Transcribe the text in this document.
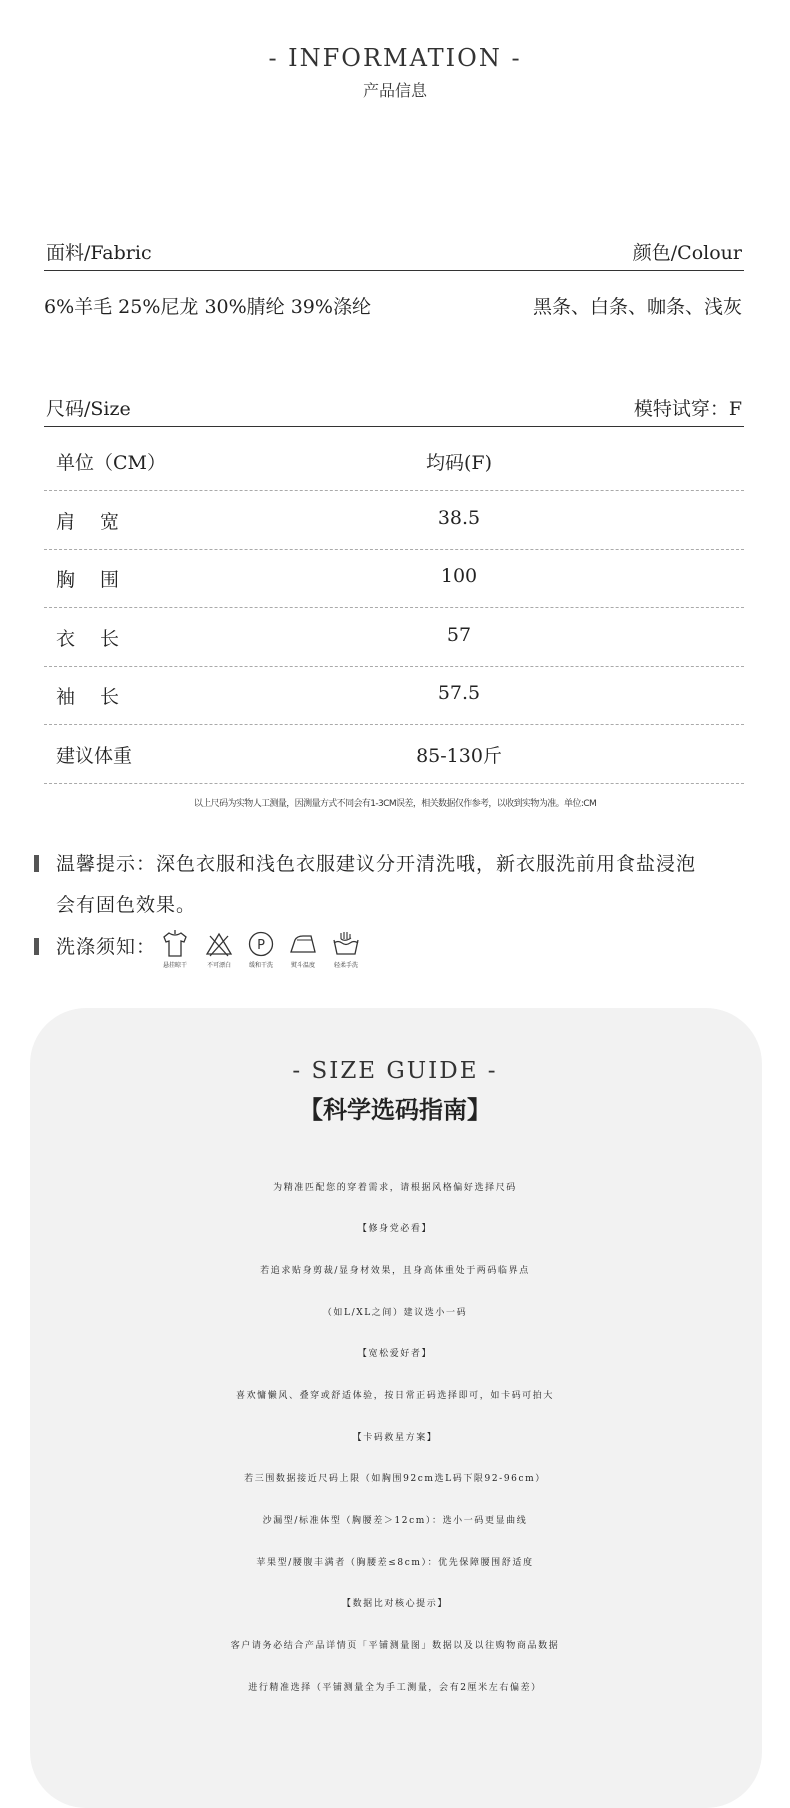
- INFORMATION -
产品信息
面料/Fabric	颜色/Colour
6%羊毛 25%尼龙 30%腈纶 39%涤纶	黑条、白条、咖条、浅灰
尺码/Size	模特试穿：F
单位（CM）	均码(F)
肩　 宽	38.5
胸　 围	100
衣　 长	57
袖　 长	57.5
建议体重	85-130斤
以上尺码为实物人工测量，因测量方式不同会有1-3CM误差，相关数据仅作参考，以收到实物为准。单位:CM
温馨提示：深色衣服和浅色衣服建议分开清洗哦，新衣服洗前用食盐浸泡
会有固色效果。
洗涤须知：
悬挂晾干	不可漂白
P
缓和干洗	熨斗温度	轻柔手洗
- SIZE GUIDE -
【科学选码指南】
为精准匹配您的穿着需求，请根据风格偏好选择尺码
【修身党必看】
若追求贴身剪裁/显身材效果，且身高体重处于两码临界点
（如L/XL之间）建议选小一码
【宽松爱好者】
喜欢慵懒风、叠穿或舒适体验，按日常正码选择即可，如卡码可拍大
【卡码救星方案】
若三围数据接近尺码上限（如胸围92cm选L码下限92-96cm）
沙漏型/标准体型（胸腰差＞12cm）：选小一码更显曲线
苹果型/腰腹丰满者（胸腰差≤8cm）：优先保障腰围舒适度
【数据比对核心提示】
客户请务必结合产品详情页「平铺测量图」数据以及以往购物商品数据
进行精准选择（平铺测量全为手工测量，会有2厘米左右偏差）
